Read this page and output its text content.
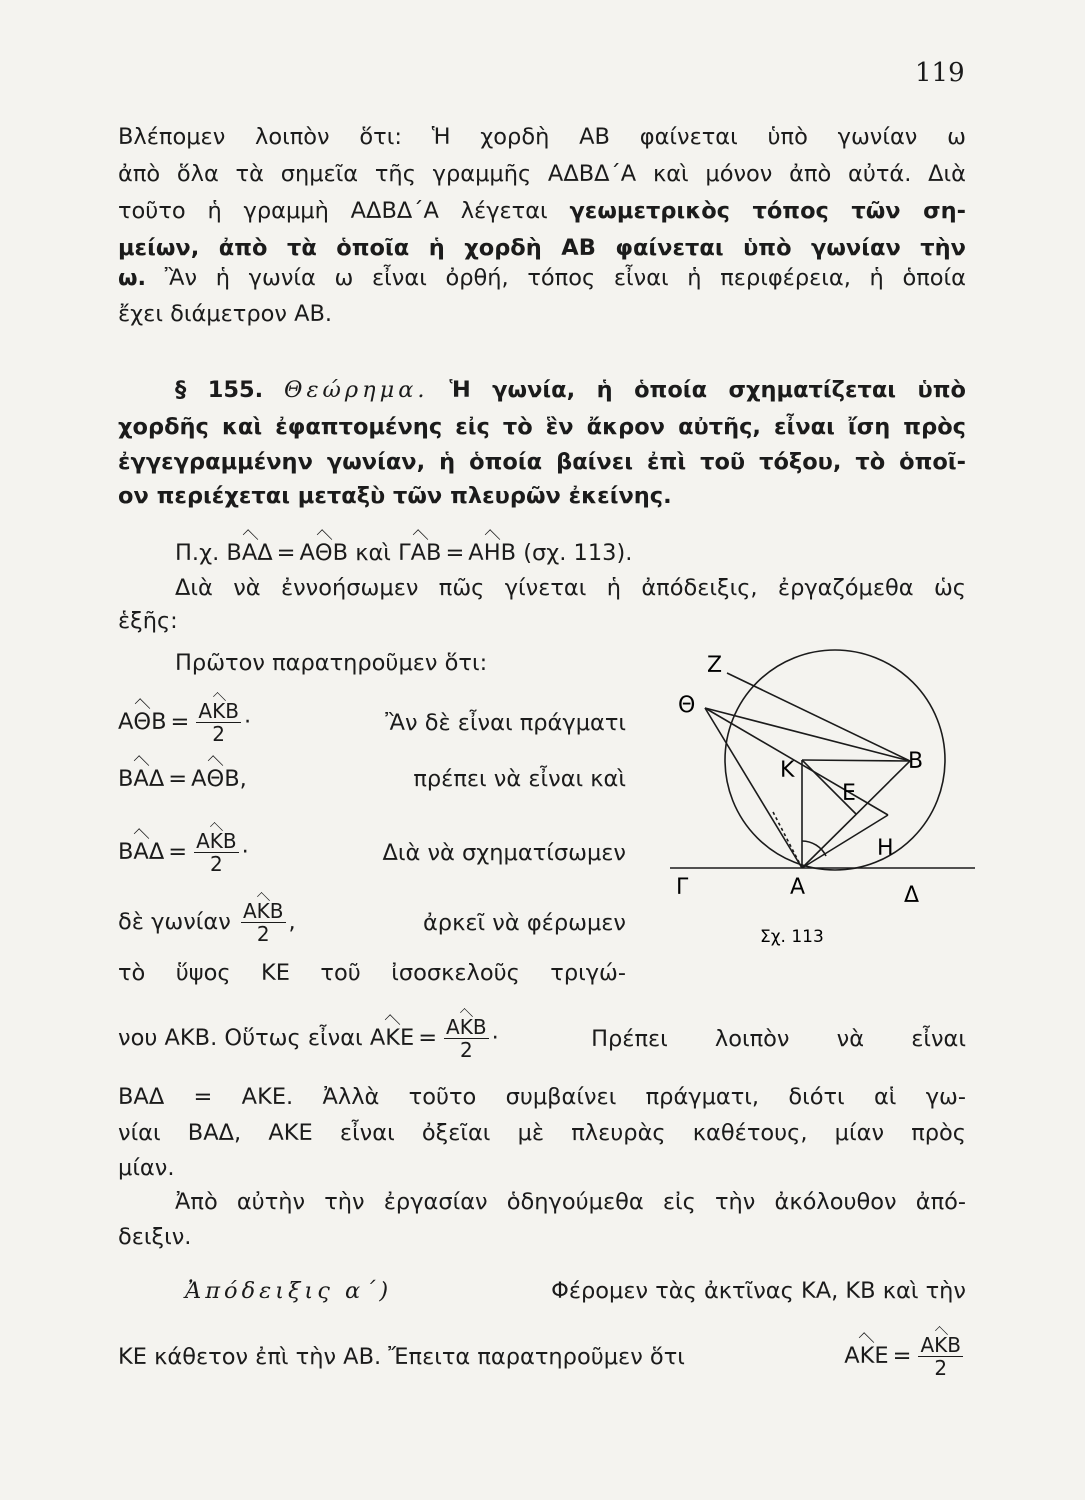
119
Βλέπομεν λοιπὸν ὅτι: Ἡ χορδὴ ΑΒ φαίνεται ὑπὸ γωνίαν ω
ἀπὸ ὅλα τὰ σημεῖα τῆς γραμμῆς ΑΔΒΔ΄Α καὶ μόνον ἀπὸ αὐτά. Διὰ
τοῦτο ἡ γραμμὴ ΑΔΒΔ΄Α λέγεται γεωμετρικὸς τόπος τῶν ση-
μείων, ἀπὸ τὰ ὁποῖα ἡ χορδὴ ΑΒ φαίνεται ὑπὸ γωνίαν τὴν
ω. Ἂν ἡ γωνία ω εἶναι ὀρθή, τόπος εἶναι ἡ περιφέρεια, ἡ ὁποία
ἔχει διάμετρον ΑΒ.
§ 155. Θεώρημα. Ἡ γωνία, ἡ ὁποία σχηματίζεται ὑπὸ
χορδῆς καὶ ἐφαπτομένης εἰς τὸ ἓν ἄκρον αὐτῆς, εἶναι ἴση πρὸς
ἐγγεγραμμένην γωνίαν, ἡ ὁποία βαίνει ἐπὶ τοῦ τόξου, τὸ ὁποῖ-
ον περιέχεται μεταξὺ τῶν πλευρῶν ἐκείνης.
Π.χ. ΒΑΔ = ΑΘΒ καὶ ΓΑΒ = ΑΗΒ (σχ. 113).
Διὰ νὰ ἐννοήσωμεν πῶς γίνεται ἡ ἀπόδειξις, ἐργαζόμεθα ὡς
ἑξῆς:
Πρῶτον παρατηροῦμεν ὅτι:
$A\Theta B = \frac{\text{ΑΚΒ}}{2}$ ·	Ἂν δὲ εἶναι πράγματι
ΒΑΔ = ΑΘΒ,	πρέπει νὰ εἶναι καὶ
$BA\Delta = \frac{\text{ΑΚΒ}}{2}$ ·	Διὰ νὰ σχηματίσωμεν
δὲ γωνίαν $\frac{\text{ΑΚΒ}}{2}$ ,	ἀρκεῖ νὰ φέρωμεν
τὸ ὕψος ΚΕ τοῦ ἰσοσκελοῦς τριγώ-
νου ΑΚΒ. Οὕτως εἶναι $AKE = \frac{\text{ΑΚΒ}}{2}$ ·	Πρέπει λοιπὸν νὰ εἶναι
ΒΑΔ = ΑΚΕ. Ἀλλὰ τοῦτο συμβαίνει πράγματι, διότι αἱ γω-
νίαι ΒΑΔ, ΑΚΕ εἶναι ὀξεῖαι μὲ πλευρὰς καθέτους, μίαν πρὸς
μίαν.
Ἀπὸ αὐτὴν τὴν ἐργασίαν ὁδηγούμεθα εἰς τὴν ἀκόλουθον ἀπό-
δειξιν.
Ἀπόδειξις α΄)	Φέρομεν τὰς ἀκτῖνας ΚΑ, ΚΒ καὶ τὴν
ΚΕ κάθετον ἐπὶ τὴν ΑΒ. Ἔπειτα παρατηροῦμεν ὅτι	$AKE = \frac{\text{ΑΚΒ}}{2}$
Ζ
Θ
Κ	Β
Ε
Η
Γ	Α	Δ
Σχ. 113
